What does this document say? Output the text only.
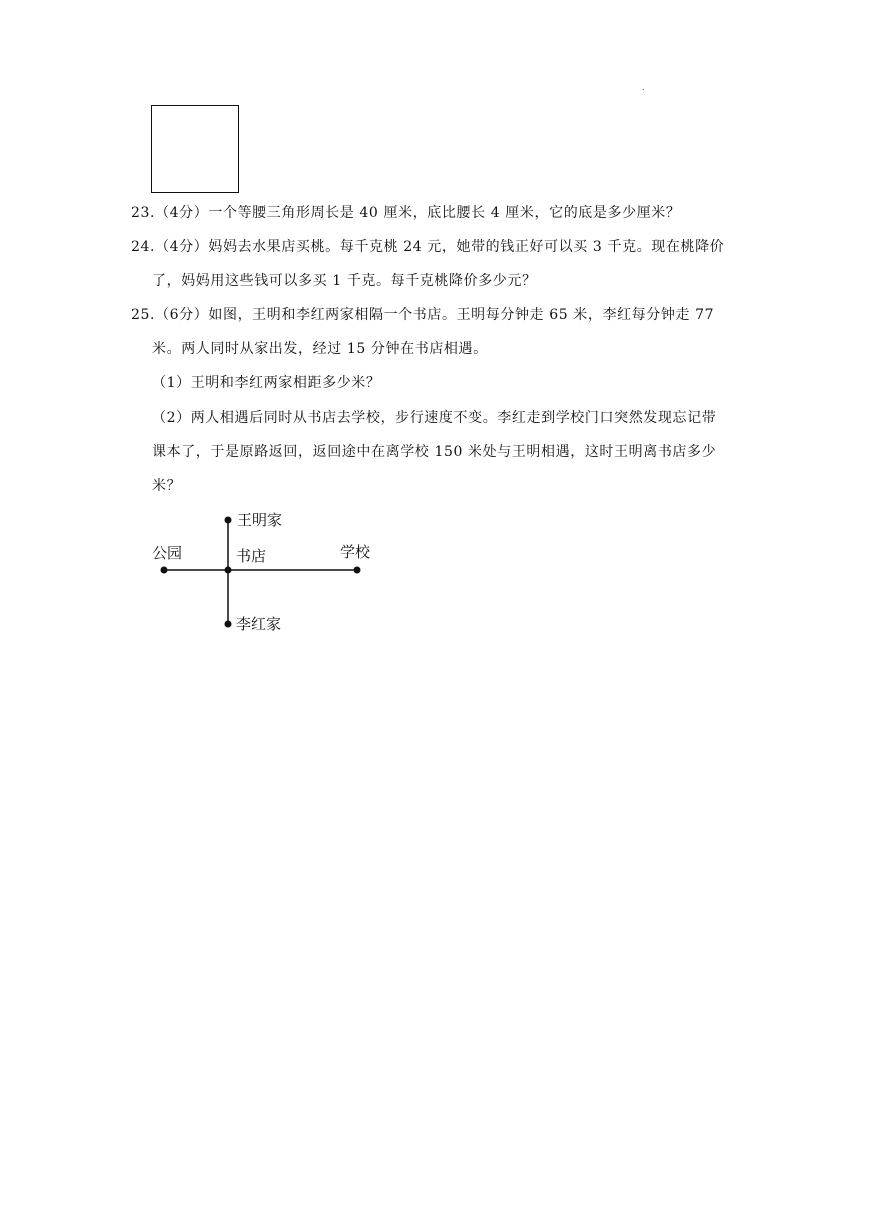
.
23.（4分）一个等腰三角形周长是 40 厘米，底比腰长 4 厘米，它的底是多少厘米？
24.（4分）妈妈去水果店买桃。每千克桃 24 元，她带的钱正好可以买 3 千克。现在桃降价
了，妈妈用这些钱可以多买 1 千克。每千克桃降价多少元？
25.（6分）如图，王明和李红两家相隔一个书店。王明每分钟走 65 米，李红每分钟走 77
米。两人同时从家出发，经过 15 分钟在书店相遇。
（1）王明和李红两家相距多少米？
（2）两人相遇后同时从书店去学校，步行速度不变。李红走到学校门口突然发现忘记带
课本了，于是原路返回，返回途中在离学校 150 米处与王明相遇，这时王明离书店多少
米？
王明家
公园	书店	学校
李红家
